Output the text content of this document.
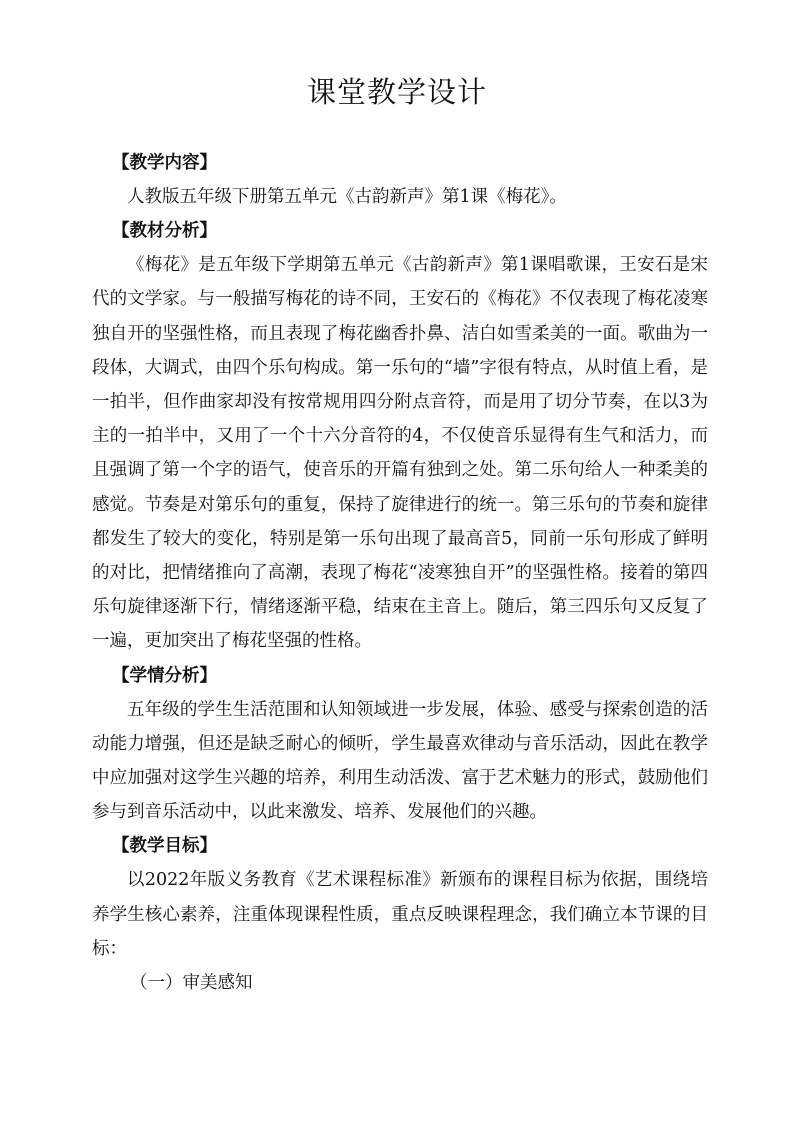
课堂教学设计

【教学内容】

人教版五年级下册第五单元《古韵新声》第1课《梅花》。

【教材分析】

《梅花》是五年级下学期第五单元《古韵新声》第1课唱歌课，王安石是宋代的文学家。与一般描写梅花的诗不同，王安石的《梅花》不仅表现了梅花凌寒独自开的坚强性格，而且表现了梅花幽香扑鼻、洁白如雪柔美的一面。歌曲为一段体，大调式，由四个乐句构成。第一乐句的“墙”字很有特点，从时值上看，是一拍半，但作曲家却没有按常规用四分附点音符，而是用了切分节奏，在以3为主的一拍半中，又用了一个十六分音符的4，不仅使音乐显得有生气和活力，而且强调了第一个字的语气，使音乐的开篇有独到之处。第二乐句给人一种柔美的感觉。节奏是对第乐句的重复，保持了旋律进行的统一。第三乐句的节奏和旋律都发生了较大的变化，特别是第一乐句出现了最高音5，同前一乐句形成了鲜明的对比，把情绪推向了高潮，表现了梅花“凌寒独自开”的坚强性格。接着的第四乐句旋律逐渐下行，情绪逐渐平稳，结束在主音上。随后，第三四乐句又反复了一遍，更加突出了梅花坚强的性格。

【学情分析】

五年级的学生生活范围和认知领域进一步发展，体验、感受与探索创造的活动能力增强，但还是缺乏耐心的倾听，学生最喜欢律动与音乐活动，因此在教学中应加强对这学生兴趣的培养，利用生动活泼、富于艺术魅力的形式，鼓励他们参与到音乐活动中，以此来激发、培养、发展他们的兴趣。

【教学目标】

以2022年版义务教育《艺术课程标准》新颁布的课程目标为依据，围绕培养学生核心素养，注重体现课程性质，重点反映课程理念，我们确立本节课的目标：

（一）审美感知
